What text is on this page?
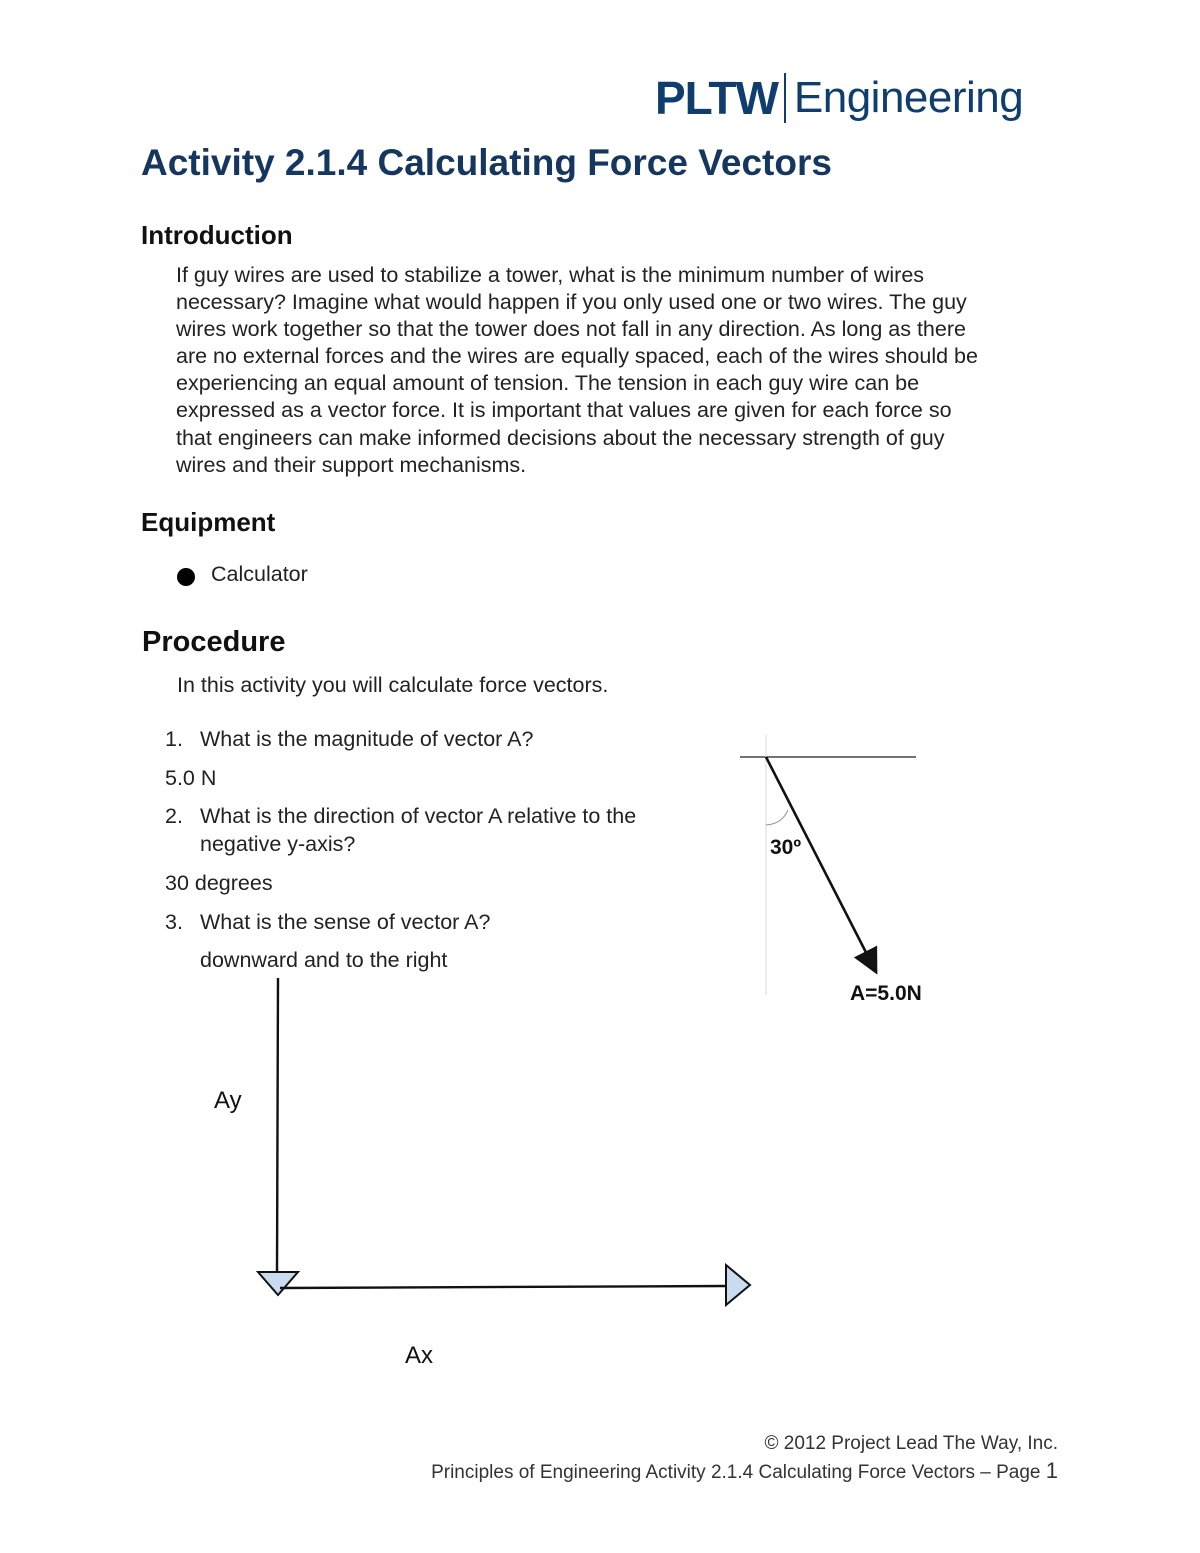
PLTW Engineering
Activity 2.1.4 Calculating Force Vectors
Introduction
If guy wires are used to stabilize a tower, what is the minimum number of wires
necessary? Imagine what would happen if you only used one or two wires. The guy
wires work together so that the tower does not fall in any direction. As long as there
are no external forces and the wires are equally spaced, each of the wires should be
experiencing an equal amount of tension. The tension in each guy wire can be
expressed as a vector force. It is important that values are given for each force so
that engineers can make informed decisions about the necessary strength of guy
wires and their support mechanisms.
Equipment
Calculator
Procedure
In this activity you will calculate force vectors.
1. What is the magnitude of vector A?
5.0 N
2. What is the direction of vector A relative to the
negative y-axis?
30 degrees
3. What is the sense of vector A?
downward and to the right
30º
A=5.0N
Ay
Ax
© 2012 Project Lead The Way, Inc.
Principles of Engineering Activity 2.1.4 Calculating Force Vectors – Page 1
